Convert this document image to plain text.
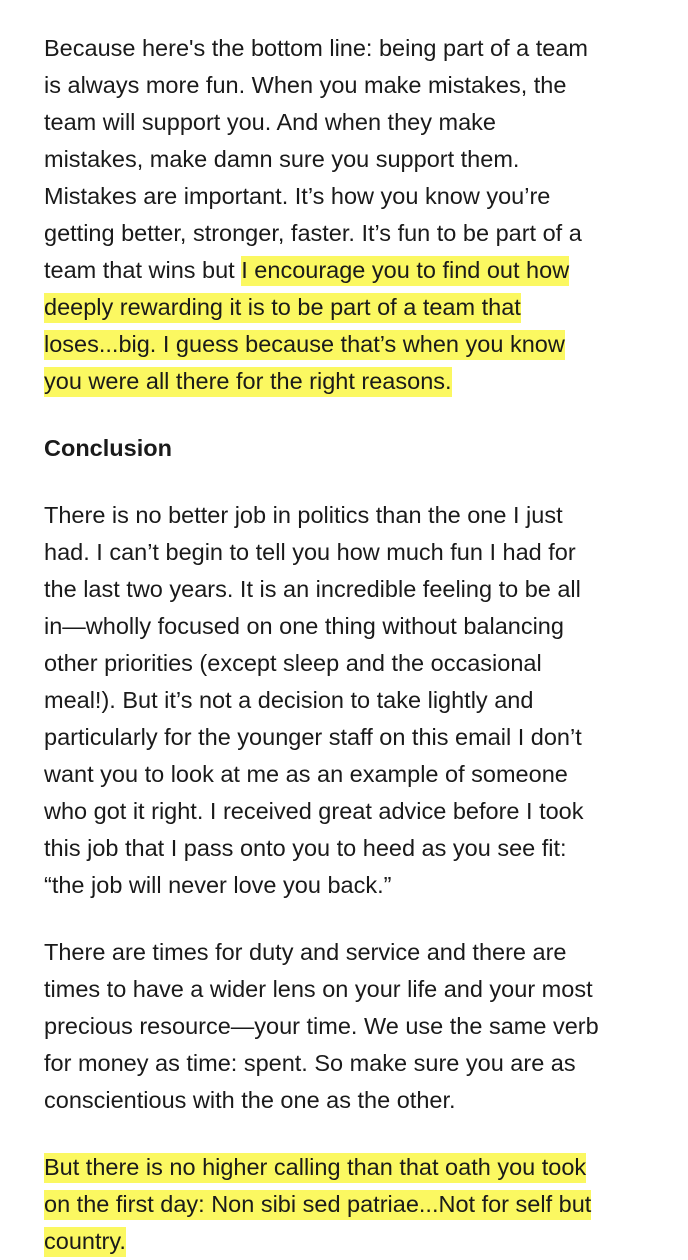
Because here's the bottom line: being part of a team
is always more fun. When you make mistakes, the
team will support you. And when they make
mistakes, make damn sure you support them.
Mistakes are important. It’s how you know you’re
getting better, stronger, faster. It’s fun to be part of a
team that wins but I encourage you to find out how
deeply rewarding it is to be part of a team that
loses...big. I guess because that’s when you know
you were all there for the right reasons.
Conclusion
There is no better job in politics than the one I just
had. I can’t begin to tell you how much fun I had for
the last two years. It is an incredible feeling to be all
in—wholly focused on one thing without balancing
other priorities (except sleep and the occasional
meal!). But it’s not a decision to take lightly and
particularly for the younger staff on this email I don’t
want you to look at me as an example of someone
who got it right. I received great advice before I took
this job that I pass onto you to heed as you see fit:
“the job will never love you back.”
There are times for duty and service and there are
times to have a wider lens on your life and your most
precious resource—your time. We use the same verb
for money as time: spent. So make sure you are as
conscientious with the one as the other.
But there is no higher calling than that oath you took
on the first day: Non sibi sed patriae...Not for self but
country.
